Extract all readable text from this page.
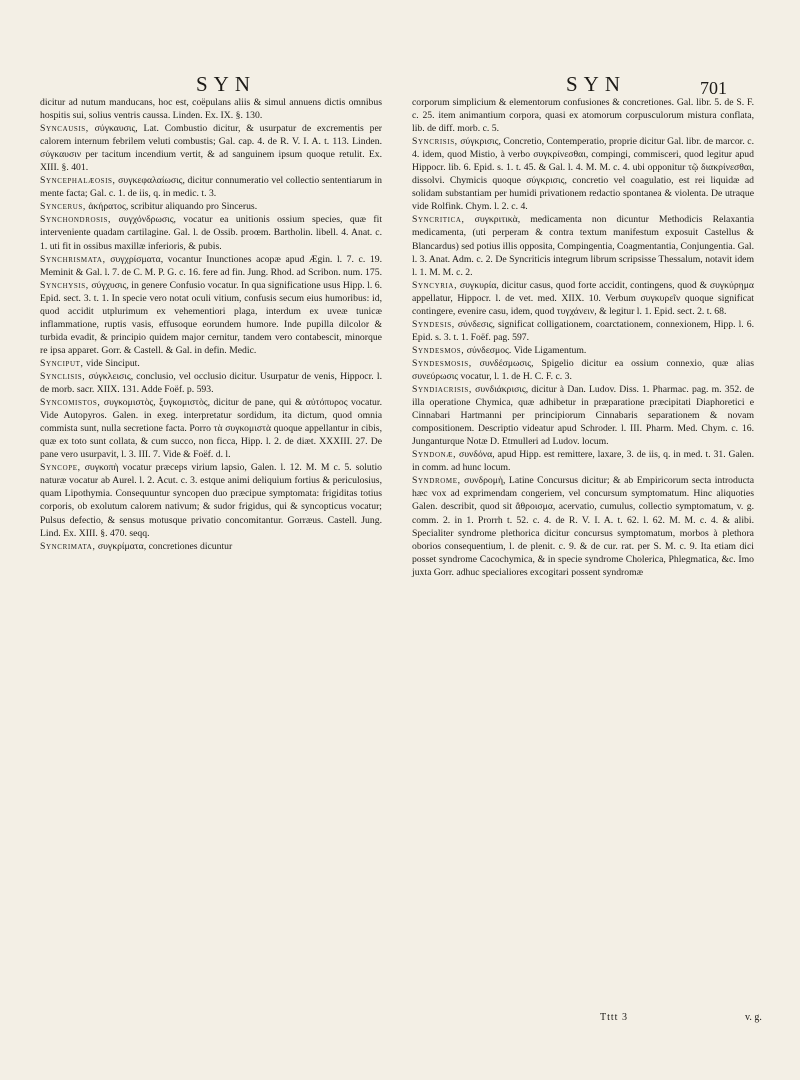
SYN	SYN	701

dicitur ad nutum manducans, hoc est, coëpulans aliis & simul annuens dictis omnibus hospitis sui, solius ventris caussa. Linden. Ex. IX. §. 130.

Syncausis, σύγκαυσις, Lat. Combustio dicitur, & usurpatur de excrementis per calorem internum febrilem veluti combustis; Gal. cap. 4. de R. V. I. A. t. 113. Linden. σύγκαυσιν per tacitum incendium vertit, & ad sanguinem ipsum quoque retulit. Ex. XIII. §. 401.

Syncephalæosis, συγκεφαλαίωσις, dicitur connumeratio vel collectio sententiarum in mente facta; Gal. c. 1. de iis, q. in medic. t. 3.

Syncerus, ἀκήρατος, scribitur aliquando pro Sincerus.

Synchondrosis, συγχόνδρωσις, vocatur ea unitionis ossium species, quæ fit interveniente quadam cartilagine. Gal. l. de Ossib. proœm. Bartholin. libell. 4. Anat. c. 1. uti fit in ossibus maxillæ inferioris, & pubis.

Synchrismata, συγχρίσματα, vocantur Inunctiones acopæ apud Ægin. l. 7. c. 19. Meminit & Gal. l. 7. de C. M. P. G. c. 16. fere ad fin. Jung. Rhod. ad Scribon. num. 175.

Synchysis, σύγχυσις, in genere Confusio vocatur. In qua significatione usus Hipp. l. 6. Epid. sect. 3. t. 1. In specie vero notat oculi vitium, confusis secum eius humoribus: id, quod accidit utplurimum ex vehementiori plaga, interdum ex uveæ tunicæ inflammatione, ruptis vasis, effusoque eorundem humore. Inde pupilla dilcolor & turbida evadit, & principio quidem major cernitur, tandem vero contabescit, minorque re ipsa apparet. Gorr. & Castell. & Gal. in defin. Medic.

Synciput, vide Sinciput.

Synclisis, σύγκλεισις, conclusio, vel occlusio dicitur. Usurpatur de venis, Hippocr. l. de morb. sacr. XIIX. 131. Adde Foëf. p. 593.

Syncomistos, συγκομιστὸς, ξυγκομιστὸς, dicitur de pane, qui & αὐτόπυρος vocatur. Vide Autopyros. Galen. in exeg. interpretatur sordidum, ita dictum, quod omnia commista sunt, nulla secretione facta. Porro τὰ συγκομιστὰ quoque appellantur in cibis, quæ ex toto sunt collata, & cum succo, non ficca, Hipp. l. 2. de diæt. XXXIII. 27. De pane vero usurpavit, l. 3. III. 7. Vide & Foëf. d. l.

Syncope, συγκοπὴ vocatur præceps virium lapsio, Galen. l. 12. M. M c. 5. solutio naturæ vocatur ab Aurel. l. 2. Acut. c. 3. estque animi deliquium fortius & periculosius, quam Lipothymia. Consequuntur syncopen duo præcipue symptomata: frigiditas totius corporis, ob exolutum calorem nativum; & sudor frigidus, qui & syncopticus vocatur; Pulsus defectio, & sensus motusque privatio concomitantur. Gorræus. Castell. Jung. Lind. Ex. XIII. §. 470. seqq.

Syncrimata, συγκρίματα, concretiones dicuntur

corporum simplicium & elementorum confusiones & concretiones. Gal. libr. 5. de S. F. c. 25. item animantium corpora, quasi ex atomorum corpusculorum mistura conflata, lib. de diff. morb. c. 5.

Syncrisis, σύγκρισις, Concretio, Contemperatio, proprie dicitur Gal. libr. de marcor. c. 4. idem, quod Mistio, à verbo συγκρίνεσθαι, compingi, commisceri, quod legitur apud Hippocr. lib. 6. Epid. s. 1. t. 45. & Gal. l. 4. M. M. c. 4. ubi opponitur τῷ διακρίνεσθαι, dissolvi. Chymicis quoque σύγκρισις, concretio vel coagulatio, est rei liquidæ ad solidam substantiam per humidi privationem redactio spontanea & violenta. De utraque vide Rolfink. Chym. l. 2. c. 4.

Syncritica, συγκριτικὰ, medicamenta non dicuntur Methodicis Relaxantia medicamenta, (uti perperam & contra textum manifestum exposuit Castellus & Blancardus) sed potius illis opposita, Compingentia, Coagmentantia, Conjungentia. Gal. l. 3. Anat. Adm. c. 2. De Syncriticis integrum librum scripsisse Thessalum, notavit idem l. 1. M. M. c. 2.

Syncyria, συγκυρία, dicitur casus, quod forte accidit, contingens, quod & συγκύρημα appellatur, Hippocr. l. de vet. med. XIIX. 10. Verbum συγκυρεῖν quoque significat contingere, evenire casu, idem, quod τυγχάνειν, & legitur l. 1. Epid. sect. 2. t. 68.

Syndesis, σύνδεσις, significat colligationem, coarctationem, connexionem, Hipp. l. 6. Epid. s. 3. t. 1. Foëf. pag. 597.

Syndesmos, σύνδεσμος. Vide Ligamentum.

Syndesmosis, συνδέσμωσις, Spigelio dicitur ea ossium connexio, quæ alias συνεύρωσις vocatur, l. 1. de H. C. F. c. 3.

Syndiacrisis, συνδιάκρισις, dicitur à Dan. Ludov. Diss. 1. Pharmac. pag. m. 352. de illa operatione Chymica, quæ adhibetur in præparatione præcipitati Diaphoretici e Cinnabari Hartmanni per principiorum Cinnabaris separationem & novam compositionem. Descriptio videatur apud Schroder. l. III. Pharm. Med. Chym. c. 16. Junganturque Notæ D. Etmulleri ad Ludov. locum.

Syndonæ, συνδόνα, apud Hipp. est remittere, laxare, 3. de iis, q. in med. t. 31. Galen. in comm. ad hunc locum.

Syndrome, συνδρομὴ, Latine Concursus dicitur; & ab Empiricorum secta introducta hæc vox ad exprimendam congeriem, vel concursum symptomatum. Hinc aliquoties Galen. describit, quod sit ἄθροισμα, acervatio, cumulus, collectio symptomatum, v. g. comm. 2. in 1. Prorrh t. 52. c. 4. de R. V. I. A. t. 62. l. 62. M. M. c. 4. & alibi. Specialiter syndrome plethorica dicitur concursus symptomatum, morbos à plethora oborios consequentium, l. de plenit. c. 9. & de cur. rat. per S. M. c. 9. Ita etiam dici posset syndrome Cacochymica, & in specie syndrome Cholerica, Phlegmatica, &c. Imo juxta Gorr. adhuc specialiores excogitari possent syndromæ

Tttt 3	v. g.
